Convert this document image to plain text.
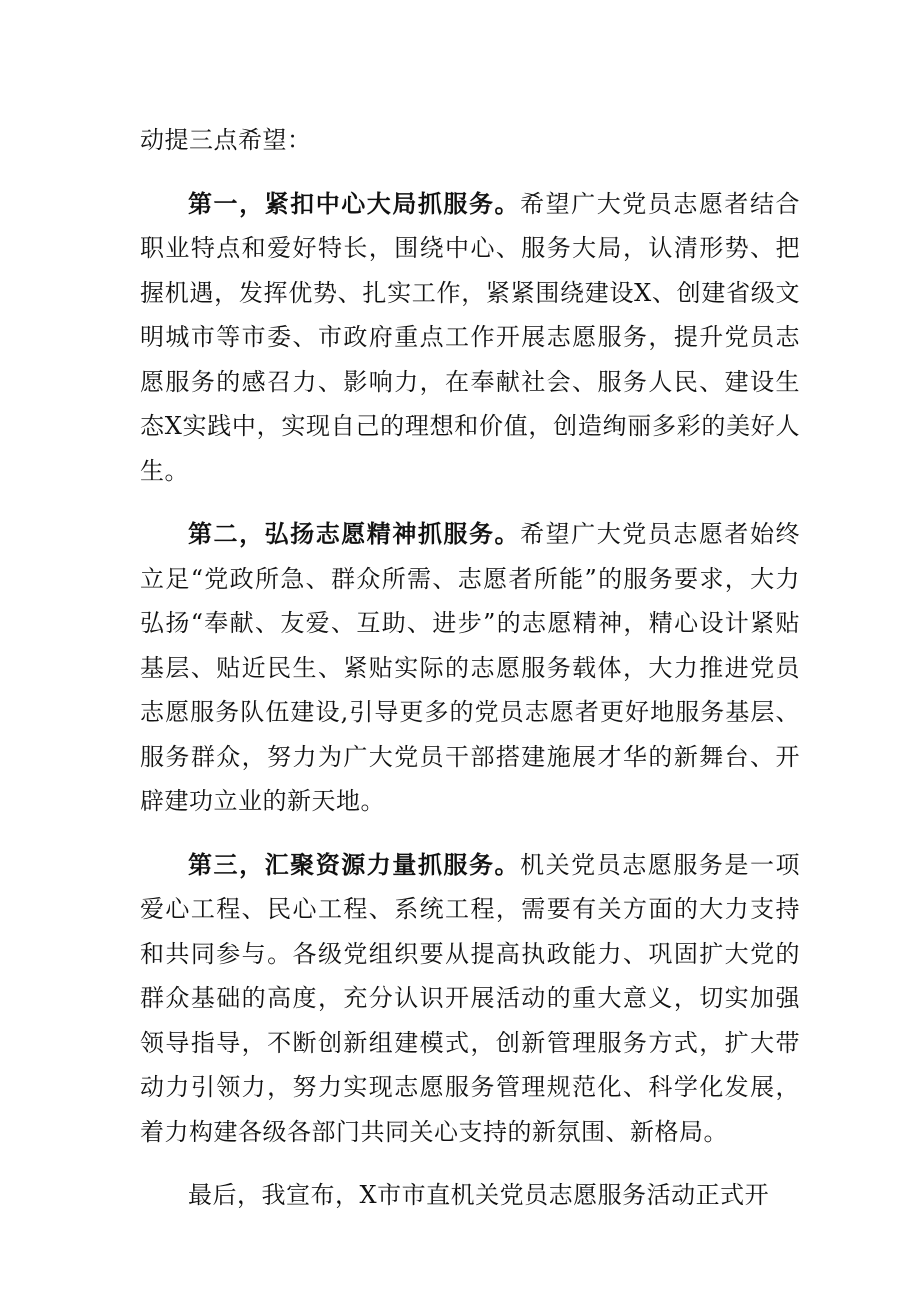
动提三点希望：

第一，紧扣中心大局抓服务。希望广大党员志愿者结合职业特点和爱好特长，围绕中心、服务大局，认清形势、把握机遇，发挥优势、扎实工作，紧紧围绕建设X、创建省级文明城市等市委、市政府重点工作开展志愿服务，提升党员志愿服务的感召力、影响力，在奉献社会、服务人民、建设生态X实践中，实现自己的理想和价值，创造绚丽多彩的美好人生。

第二，弘扬志愿精神抓服务。希望广大党员志愿者始终立足“党政所急、群众所需、志愿者所能”的服务要求，大力弘扬“奉献、友爱、互助、进步”的志愿精神，精心设计紧贴基层、贴近民生、紧贴实际的志愿服务载体，大力推进党员志愿服务队伍建设,引导更多的党员志愿者更好地服务基层、服务群众，努力为广大党员干部搭建施展才华的新舞台、开辟建功立业的新天地。

第三，汇聚资源力量抓服务。机关党员志愿服务是一项爱心工程、民心工程、系统工程，需要有关方面的大力支持和共同参与。各级党组织要从提高执政能力、巩固扩大党的群众基础的高度，充分认识开展活动的重大意义，切实加强领导指导，不断创新组建模式，创新管理服务方式，扩大带动力引领力，努力实现志愿服务管理规范化、科学化发展，着力构建各级各部门共同关心支持的新氛围、新格局。

最后，我宣布，X市市直机关党员志愿服务活动正式开
